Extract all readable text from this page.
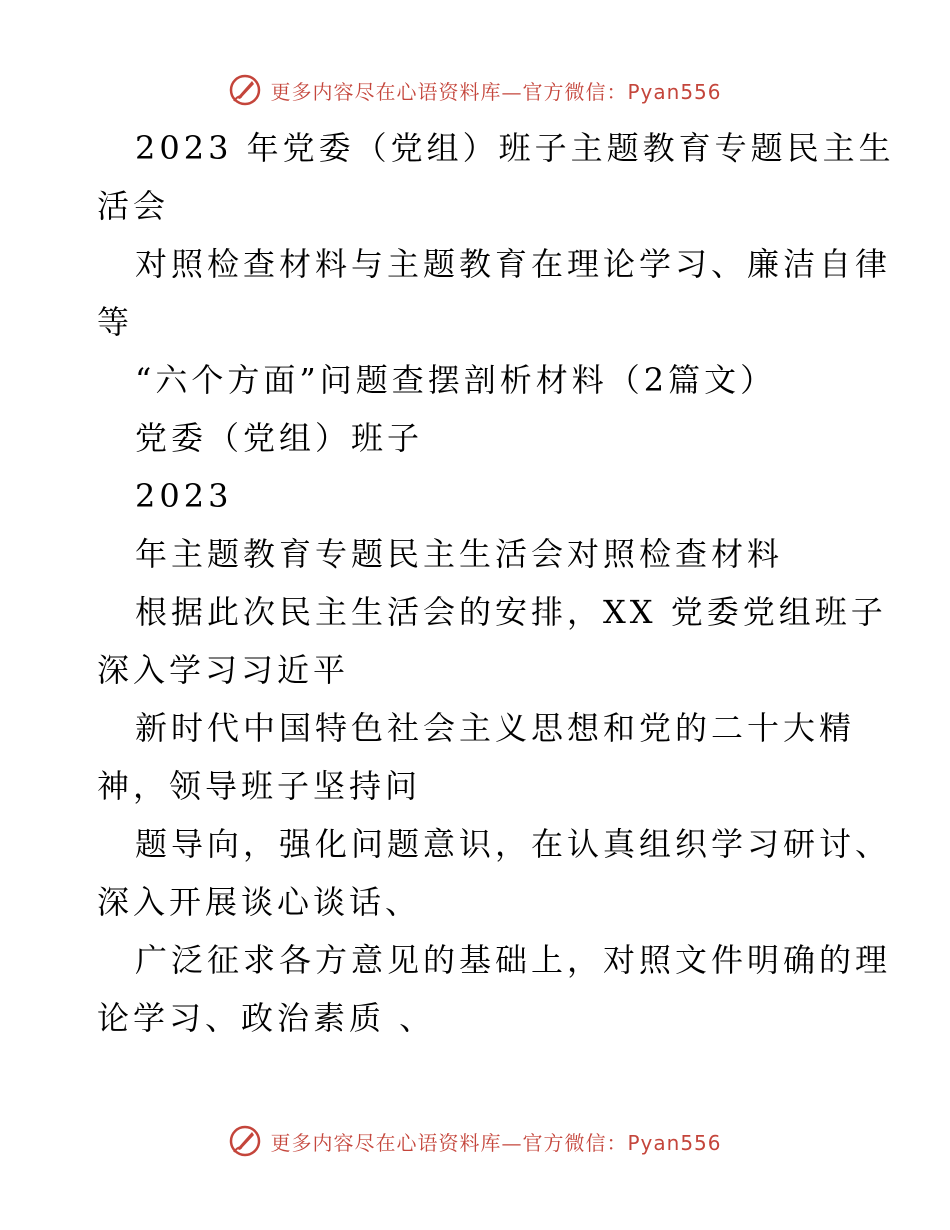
更多内容尽在心语资料库—官方微信：Pyan556
2023 年党委（党组）班子主题教育专题民主生
活会
对照检查材料与主题教育在理论学习、廉洁自律
等
“六个方面”问题查摆剖析材料（2篇文）
党委（党组）班子
2023
年主题教育专题民主生活会对照检查材料
根据此次民主生活会的安排，XX 党委党组班子
深入学习习近平
新时代中国特色社会主义思想和党的二十大精
神，领导班子坚持问
题导向，强化问题意识，在认真组织学习研讨、
深入开展谈心谈话、
广泛征求各方意见的基础上，对照文件明确的理
论学习、政治素质 、
更多内容尽在心语资料库—官方微信：Pyan556
